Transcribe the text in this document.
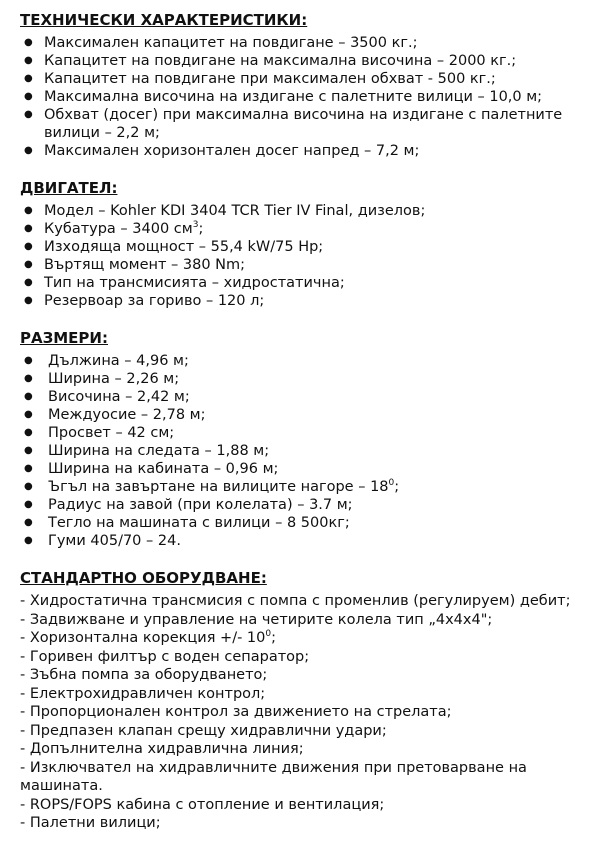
ТЕХНИЧЕСКИ ХАРАКТЕРИСТИКИ:
● Максимален капацитет на повдигане – 3500 кг.;
● Капацитет на повдигане на максимална височина – 2000 кг.;
● Капацитет на повдигане при максимален обхват - 500 кг.;
● Максимална височина на издигане с палетните вилици – 10,0 м;
● Обхват (досег) при максимална височина на издигане с палетните вилици – 2,2 м;
● Максимален хоризонтален досег напред – 7,2 м;
ДВИГАТЕЛ:
● Модел – Kohler KDI 3404 TCR Tier IV Final, дизелов;
● Кубатура – 3400 $см^3$;
● Изходяща мощност – 55,4 kW/75 Hp;
● Въртящ момент – 380 Nm;
● Тип на трансмисията – хидростатична;
● Резервоар за гориво – 120 л;
РАЗМЕРИ:
● Дължина – 4,96 м;
● Ширина – 2,26 м;
● Височина – 2,42 м;
● Междуосие – 2,78 м;
● Просвет – 42 см;
● Ширина на следата – 1,88 м;
● Ширина на кабината – 0,96 м;
● Ъгъл на завъртане на вилиците нагоре – $18^0$;
● Радиус на завой (при колелата) – 3.7 м;
● Тегло на машината с вилици – 8 500кг;
● Гуми 405/70 – 24.
СТАНДАРТНО ОБОРУДВАНЕ:
- Хидростатична трансмисия с помпа с променлив (регулируем) дебит;
- Задвижване и управление на четирите колела тип „4х4х4";
- Хоризонтална корекция +/- $10^0$;
- Горивен филтър с воден сепаратор;
- Зъбна помпа за оборудването;
- Електрохидравличен контрол;
- Пропорционален контрол за движението на стрелата;
- Предпазен клапан срещу хидравлични удари;
- Допълнителна хидравлична линия;
- Изключвател на хидравличните движения при претоварване на машината.
- ROPS/FOPS кабина с отопление и вентилация;
- Палетни вилици;
